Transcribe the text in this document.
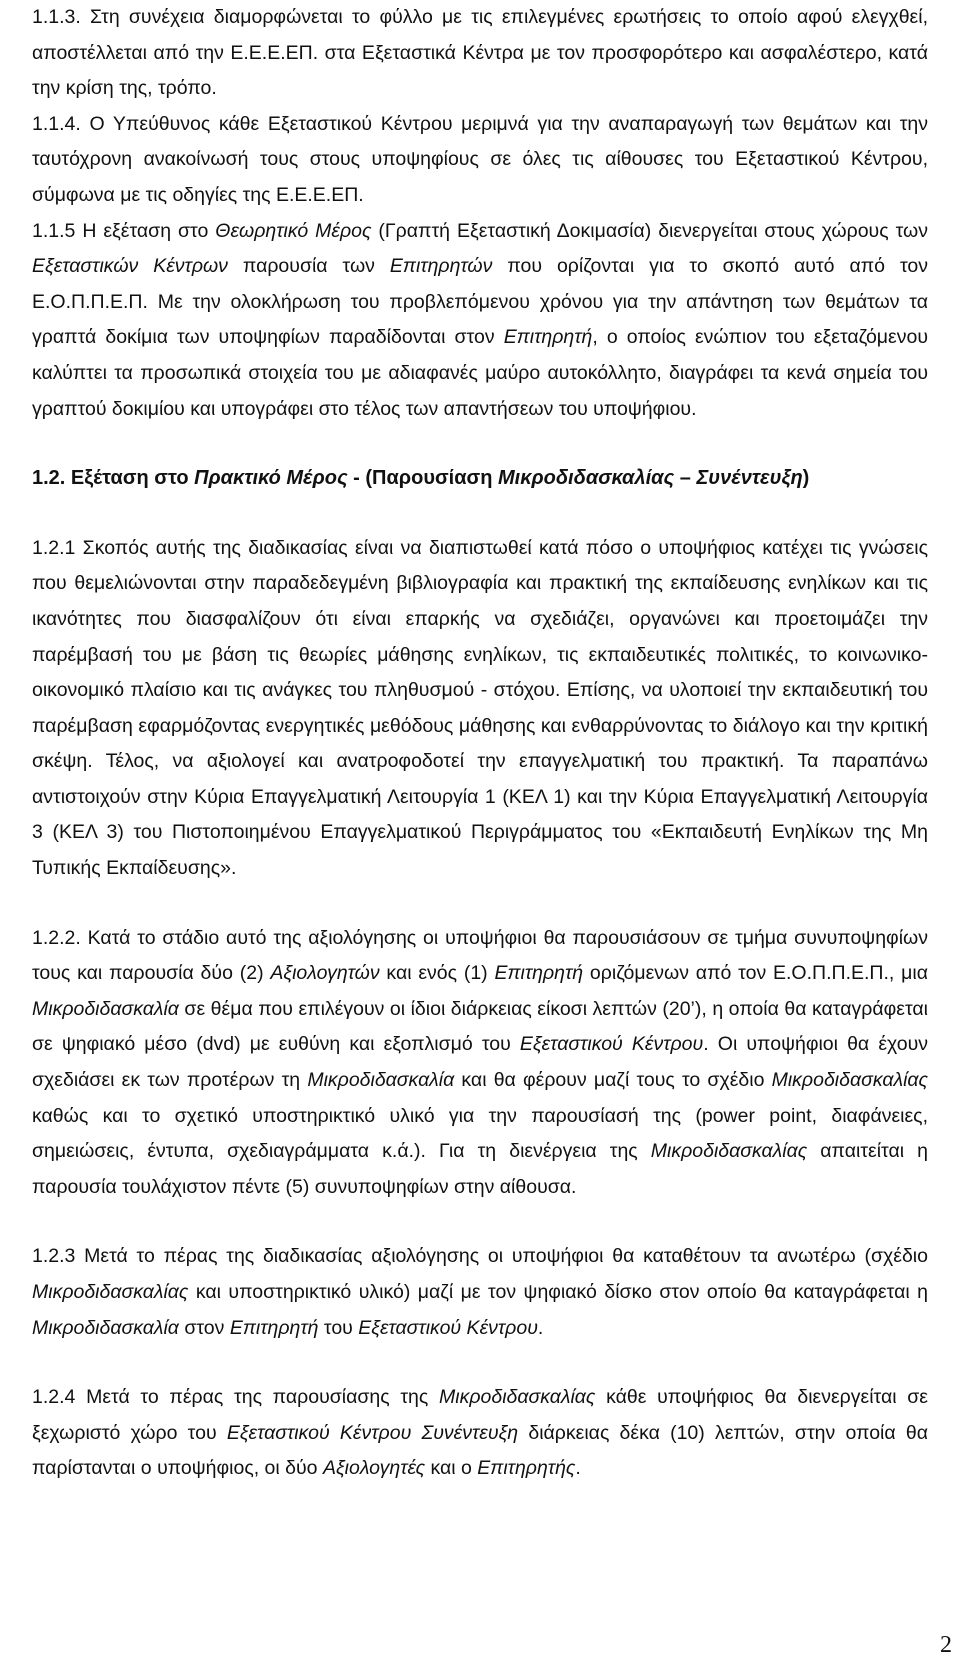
1.1.3. Στη συνέχεια διαμορφώνεται το φύλλο με τις επιλεγμένες ερωτήσεις το οποίο αφού ελεγχθεί, αποστέλλεται από την Ε.Ε.Ε.ΕΠ. στα Εξεταστικά Κέντρα με τον προσφορότερο και ασφαλέστερο, κατά την κρίση της, τρόπο.

1.1.4. Ο Υπεύθυνος κάθε Εξεταστικού Κέντρου μεριμνά για την αναπαραγωγή των θεμάτων και την ταυτόχρονη ανακοίνωσή τους στους υποψηφίους σε όλες τις αίθουσες του Εξεταστικού Κέντρου, σύμφωνα με τις οδηγίες της Ε.Ε.Ε.ΕΠ.

1.1.5 Η εξέταση στο Θεωρητικό Μέρος (Γραπτή Εξεταστική Δοκιμασία) διενεργείται στους χώρους των Εξεταστικών Κέντρων παρουσία των Επιτηρητών που ορίζονται για το σκοπό αυτό από τον Ε.Ο.Π.Π.Ε.Π. Με την ολοκλήρωση του προβλεπόμενου χρόνου για την απάντηση των θεμάτων τα γραπτά δοκίμια των υποψηφίων παραδίδονται στον Επιτηρητή, ο οποίος ενώπιον του εξεταζόμενου καλύπτει τα προσωπικά στοιχεία του με αδιαφανές μαύρο αυτοκόλλητο, διαγράφει τα κενά σημεία του γραπτού δοκιμίου και υπογράφει στο τέλος των απαντήσεων του υποψήφιου.

1.2. Εξέταση στο Πρακτικό Μέρος - (Παρουσίαση Μικροδιδασκαλίας – Συνέντευξη)

1.2.1 Σκοπός αυτής της διαδικασίας είναι να διαπιστωθεί κατά πόσο ο υποψήφιος κατέχει τις γνώσεις που θεμελιώνονται στην παραδεδεγμένη βιβλιογραφία και πρακτική της εκπαίδευσης ενηλίκων και τις ικανότητες που διασφαλίζουν ότι είναι επαρκής να σχεδιάζει, οργανώνει και προετοιμάζει την παρέμβασή του με βάση τις θεωρίες μάθησης ενηλίκων, τις εκπαιδευτικές πολιτικές, το κοινωνικο-οικονομικό πλαίσιο και τις ανάγκες του πληθυσμού - στόχου. Επίσης, να υλοποιεί την εκπαιδευτική του παρέμβαση εφαρμόζοντας ενεργητικές μεθόδους μάθησης και ενθαρρύνοντας το διάλογο και την κριτική σκέψη. Τέλος, να αξιολογεί και ανατροφοδοτεί την επαγγελματική του πρακτική. Τα παραπάνω αντιστοιχούν στην Κύρια Επαγγελματική Λειτουργία 1 (ΚΕΛ 1) και την Κύρια Επαγγελματική Λειτουργία 3 (ΚΕΛ 3) του Πιστοποιημένου Επαγγελματικού Περιγράμματος του «Εκπαιδευτή Ενηλίκων της Μη Τυπικής Εκπαίδευσης».

1.2.2. Κατά το στάδιο αυτό της αξιολόγησης οι υποψήφιοι θα παρουσιάσουν σε τμήμα συνυποψηφίων τους και παρουσία δύο (2) Αξιολογητών και ενός (1) Επιτηρητή οριζόμενων από τον Ε.Ο.Π.Π.Ε.Π., μια Μικροδιδασκαλία σε θέμα που επιλέγουν οι ίδιοι διάρκειας είκοσι λεπτών (20’), η οποία θα καταγράφεται σε ψηφιακό μέσο (dvd) με ευθύνη και εξοπλισμό του Εξεταστικού Κέντρου. Οι υποψήφιοι θα έχουν σχεδιάσει εκ των προτέρων τη Μικροδιδασκαλία και θα φέρουν μαζί τους το σχέδιο Μικροδιδασκαλίας καθώς και το σχετικό υποστηρικτικό υλικό για την παρουσίασή της (power point, διαφάνειες, σημειώσεις, έντυπα, σχεδιαγράμματα κ.ά.). Για τη διενέργεια της Μικροδιδασκαλίας απαιτείται η παρουσία τουλάχιστον πέντε (5) συνυποψηφίων στην αίθουσα.

1.2.3 Μετά το πέρας της διαδικασίας αξιολόγησης οι υποψήφιοι θα καταθέτουν τα ανωτέρω (σχέδιο Μικροδιδασκαλίας και υποστηρικτικό υλικό) μαζί με τον ψηφιακό δίσκο στον οποίο θα καταγράφεται η Μικροδιδασκαλία στον Επιτηρητή του Εξεταστικού Κέντρου.

1.2.4 Μετά το πέρας της παρουσίασης της Μικροδιδασκαλίας κάθε υποψήφιος θα διενεργείται σε ξεχωριστό χώρο του Εξεταστικού Κέντρου Συνέντευξη διάρκειας δέκα (10) λεπτών, στην οποία θα παρίστανται ο υποψήφιος, οι δύο Αξιολογητές και ο Επιτηρητής.

2
